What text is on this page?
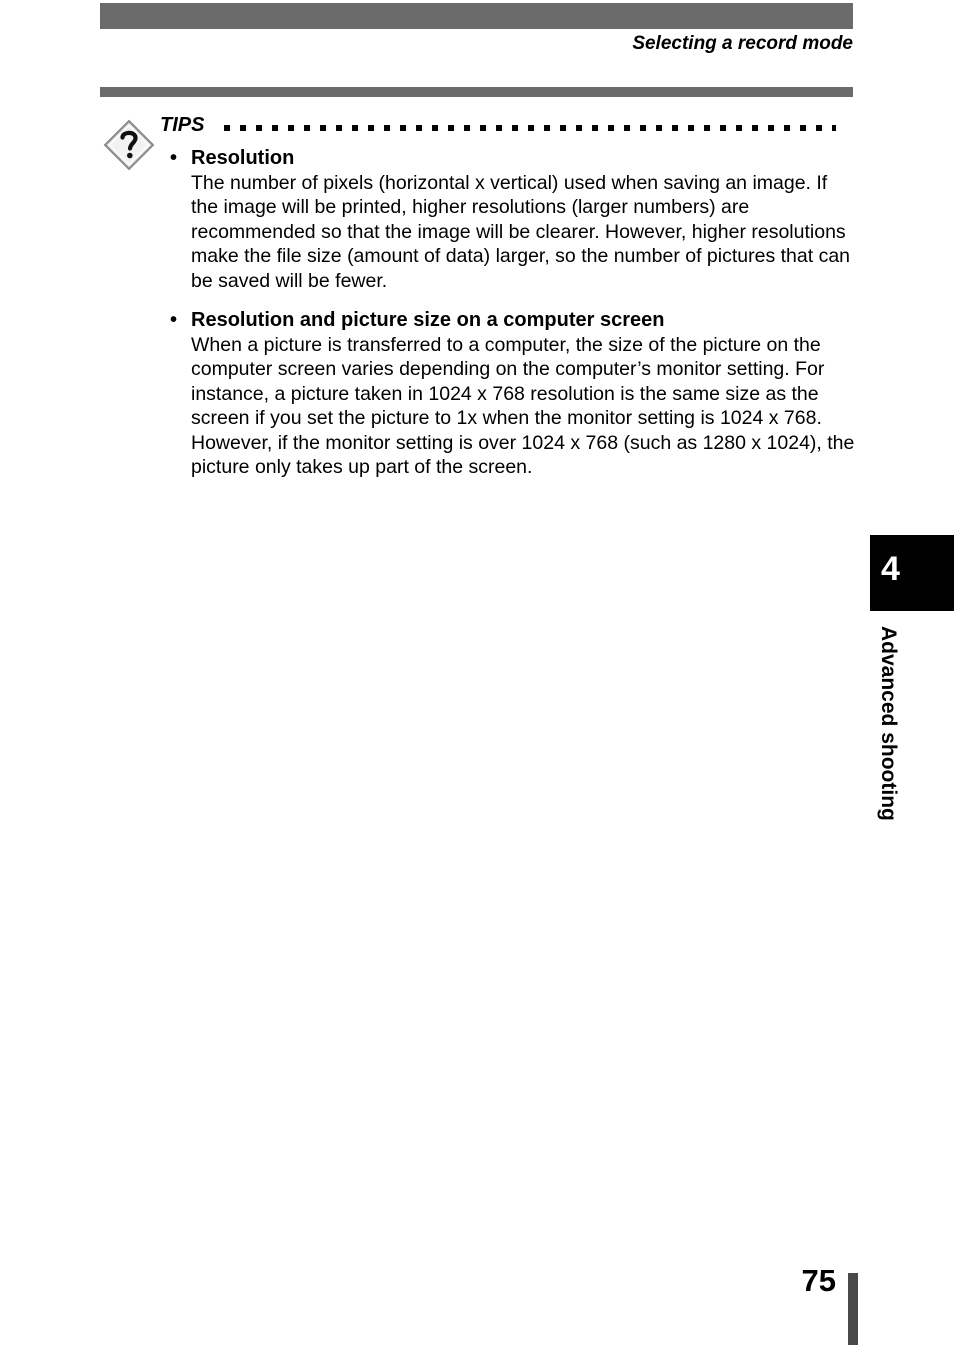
Selecting a record mode
TIPS
• Resolution
The number of pixels (horizontal x vertical) used when saving an image. If the image will be printed, higher resolutions (larger numbers) are recommended so that the image will be clearer. However, higher resolutions make the file size (amount of data) larger, so the number of pictures that can be saved will be fewer.
• Resolution and picture size on a computer screen
When a picture is transferred to a computer, the size of the picture on the computer screen varies depending on the computer’s monitor setting. For instance, a picture taken in 1024 x 768 resolution is the same size as the screen if you set the picture to 1x when the monitor setting is 1024 x 768. However, if the monitor setting is over 1024 x 768 (such as 1280 x 1024), the picture only takes up part of the screen.
4
Advanced shooting
75
